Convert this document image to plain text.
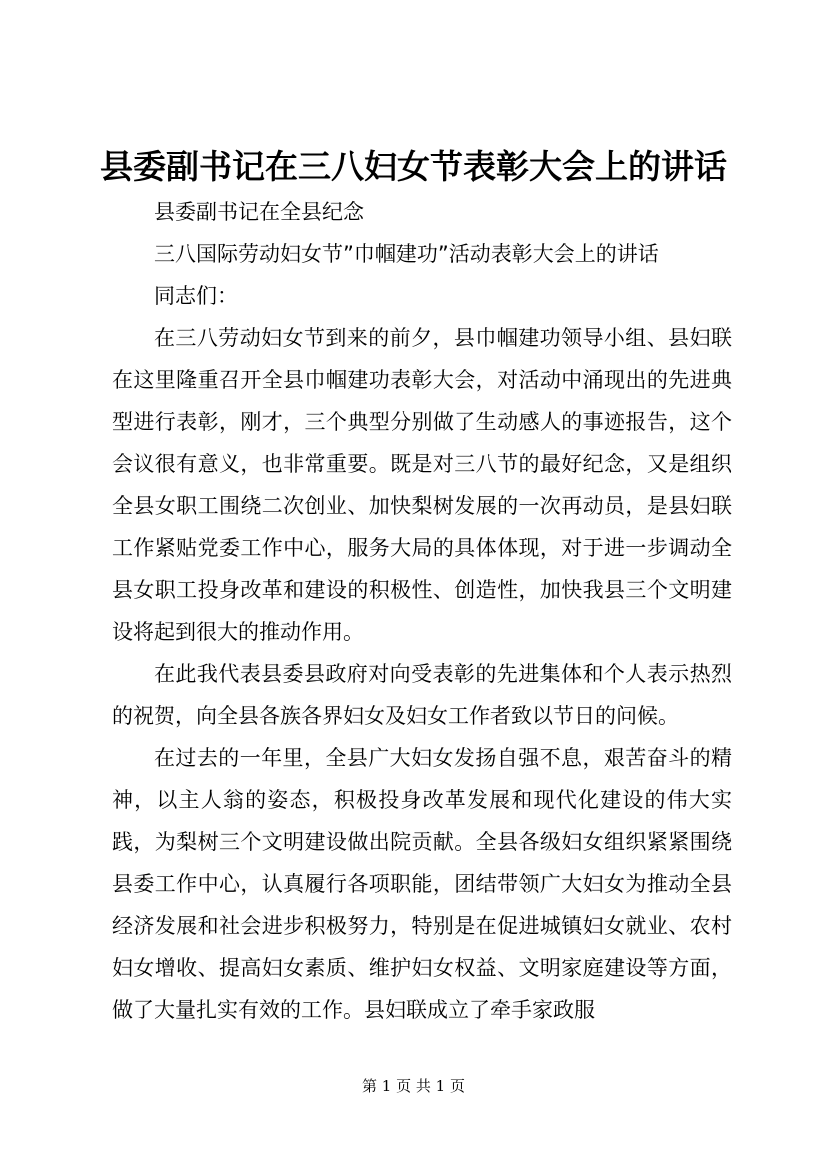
县委副书记在三八妇女节表彰大会上的讲话

县委副书记在全县纪念

三八国际劳动妇女节”巾帼建功”活动表彰大会上的讲话

同志们：

在三八劳动妇女节到来的前夕，县巾帼建功领导小组、县妇联在这里隆重召开全县巾帼建功表彰大会，对活动中涌现出的先进典型进行表彰，刚才，三个典型分别做了生动感人的事迹报告，这个会议很有意义，也非常重要。既是对三八节的最好纪念，又是组织全县女职工围绕二次创业、加快梨树发展的一次再动员，是县妇联工作紧贴党委工作中心，服务大局的具体体现，对于进一步调动全县女职工投身改革和建设的积极性、创造性，加快我县三个文明建设将起到很大的推动作用。

在此我代表县委县政府对向受表彰的先进集体和个人表示热烈的祝贺，向全县各族各界妇女及妇女工作者致以节日的问候。

在过去的一年里，全县广大妇女发扬自强不息，艰苦奋斗的精神，以主人翁的姿态，积极投身改革发展和现代化建设的伟大实践，为梨树三个文明建设做出院贡献。全县各级妇女组织紧紧围绕县委工作中心，认真履行各项职能，团结带领广大妇女为推动全县经济发展和社会进步积极努力，特别是在促进城镇妇女就业、农村妇女增收、提高妇女素质、维护妇女权益、文明家庭建设等方面，做了大量扎实有效的工作。县妇联成立了牵手家政服

第 1 页 共 1 页
